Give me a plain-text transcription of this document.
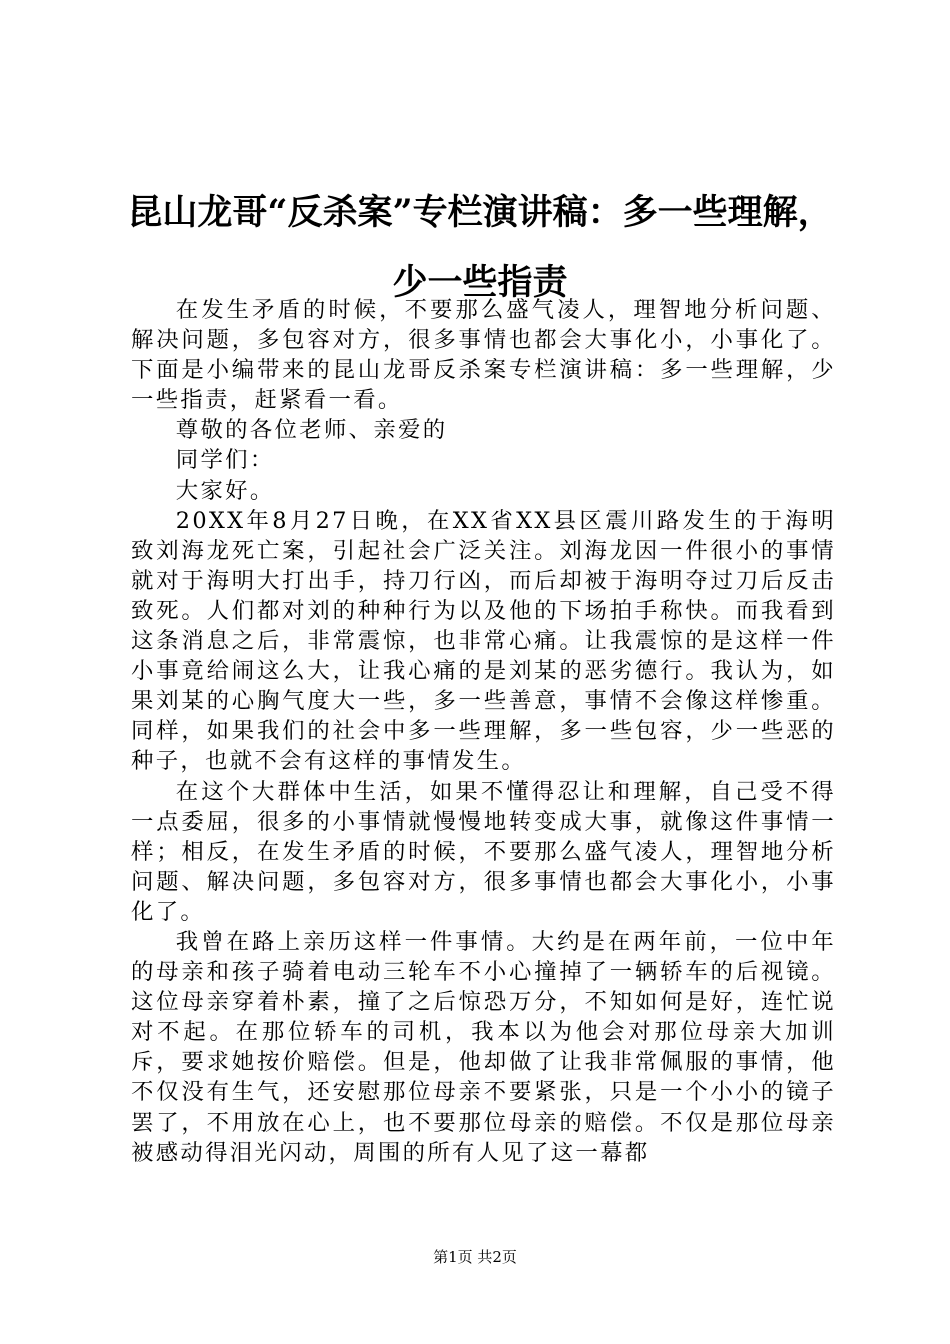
昆山龙哥“反杀案”专栏演讲稿：多一些理解，
少一些指责

在发生矛盾的时候，不要那么盛气凌人，理智地分析问题、解决问题，多包容对方，很多事情也都会大事化小，小事化了。下面是小编带来的昆山龙哥反杀案专栏演讲稿：多一些理解，少一些指责，赶紧看一看。

尊敬的各位老师、亲爱的

同学们：

大家好。

20XX年8月27日晚，在XX省XX县区震川路发生的于海明致刘海龙死亡案，引起社会广泛关注。刘海龙因一件很小的事情就对于海明大打出手，持刀行凶，而后却被于海明夺过刀后反击致死。人们都对刘的种种行为以及他的下场拍手称快。而我看到这条消息之后，非常震惊，也非常心痛。让我震惊的是这样一件小事竟给闹这么大，让我心痛的是刘某的恶劣德行。我认为，如果刘某的心胸气度大一些，多一些善意，事情不会像这样惨重。同样，如果我们的社会中多一些理解，多一些包容，少一些恶的种子，也就不会有这样的事情发生。

在这个大群体中生活，如果不懂得忍让和理解，自己受不得一点委屈，很多的小事情就慢慢地转变成大事，就像这件事情一样；相反，在发生矛盾的时候，不要那么盛气凌人，理智地分析问题、解决问题，多包容对方，很多事情也都会大事化小，小事化了。

我曾在路上亲历这样一件事情。大约是在两年前，一位中年的母亲和孩子骑着电动三轮车不小心撞掉了一辆轿车的后视镜。这位母亲穿着朴素，撞了之后惊恐万分，不知如何是好，连忙说对不起。在那位轿车的司机，我本以为他会对那位母亲大加训斥，要求她按价赔偿。但是，他却做了让我非常佩服的事情，他不仅没有生气，还安慰那位母亲不要紧张，只是一个小小的镜子罢了，不用放在心上，也不要那位母亲的赔偿。不仅是那位母亲被感动得泪光闪动，周围的所有人见了这一幕都

第1页 共2页
